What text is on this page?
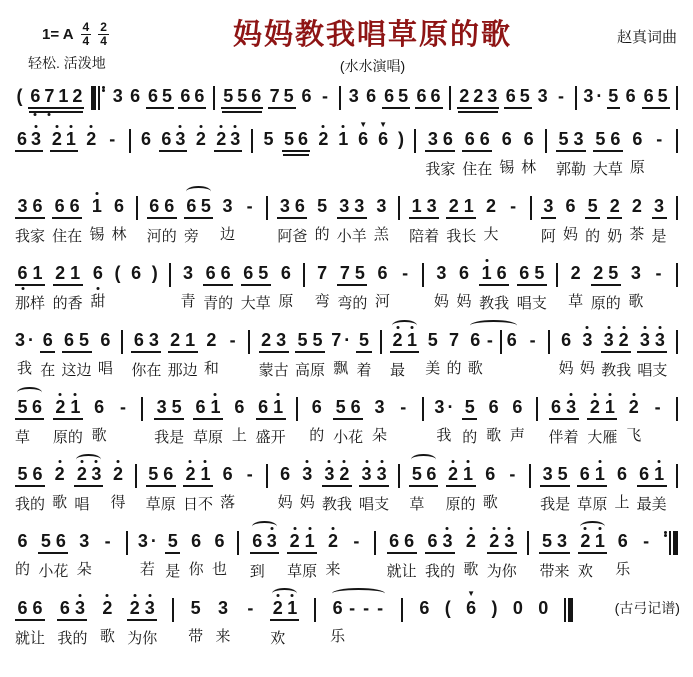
1= A $\frac{4}{4} \frac{2}{4}$
轻松. 活泼地
妈妈教我唱草原的歌
(水水演唱)
赵真词曲
( 6 7 1 2 3 6 6 5 6 6 5 5 6 7 5 6 - 3 6 6 5 6 6 2 2 3 6 5 3 - 3 · 5 6 6 5
6 3 2 1 2 - 6 6 3 2 2 3 5 5 6 2 1 6
▼
6
▼
) 3
我
6
家
6
住
6
在
6
锡
6
林
5
郭
3
勒
5
大
6
草
6
原
-
3
我
6
家
6
住
6
在
1
锡
6
林
6
河
6
的
6
旁
5 3
边
- 3
阿
6
爸
5
的
3
小
3
羊
3
羔
1
陪
3
着
2
我
1
长
2
大
- 3
阿
6
妈
5
的
2
奶
2
茶
3
是
6
那
1
样
2
的
1
香
6
甜
( 6 ) 3
青
6
青
6
的
6
大
5
草
6
原
7
弯
7
弯
5
的
6
河
- 3
妈
6
妈
1
教
6
我
6
唱
5
支
2
草
2
原
5
的
3
歌
-
3 ·
我
6
在
6
这
5
边
6
唱
6
你
3
在
2
那
1
边
2
和
- 2
蒙
3
古
5
高
5
原
7 ·
飘
5
着
2
最
1 5
美
7
的
6
歌
- 6 - 6
妈
3
妈
3
教
2
我
3
唱
3
支
5
草
6 2
原
1
的
6
歌
- 3
我
5
是
6
草
1
原
6
上
6
盛
1
开
6
的
5
小
6
花
3
朵
- 3 ·
我
5
的
6
歌
6
声
6
伴
3
着
2
大
1
雁
2
飞
-
5
我
6
的
2
歌
2
唱
3 2
得
5
草
6
原
2
日
1
不
6
落
- 6
妈
3
妈
3
教
2
我
3
唱
3
支
5
草
6 2
原
1
的
6
歌
- 3
我
5
是
6
草
1
原
6
上
6
最
1
美
6
的
5
小
6
花
3
朵
- 3 ·
若
5
是
6
你
6
也
6
到
3 2
草
1
原
2
来
- 6
就
6
让
6
我
3
的
2
歌
2
为
3
你
5
带
3
来
2
欢
1 6
乐
-
6
就
6
让
6
我
3
的
2
歌
2
为
3
你
5
带
3
来
- 2
欢
1 6
乐
- - - 6 ( 6
▼
) 0 0	(古弓记谱)
